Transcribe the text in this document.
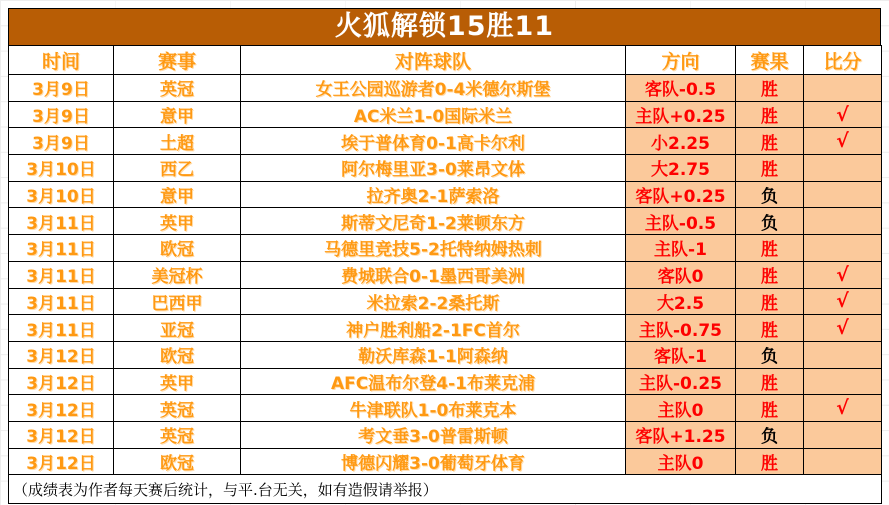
火狐解锁15胜11
时间	赛事	对阵球队	方向	赛果	比分
3月9日	英冠	女王公园巡游者0-4米德尔斯堡	客队-0.5	胜	
3月9日	意甲	AC米兰1-0国际米兰	主队+0.25	胜	√
3月9日	土超	埃于普体育0-1高卡尔利	小2.25	胜	√
3月10日	西乙	阿尔梅里亚3-0莱昂文体	大2.75	胜	
3月10日	意甲	拉齐奥2-1萨索洛	客队+0.25	负	
3月11日	英甲	斯蒂文尼奇1-2莱顿东方	主队-0.5	负	
3月11日	欧冠	马德里竞技5-2托特纳姆热刺	主队-1	胜	
3月11日	美冠杯	费城联合0-1墨西哥美洲	客队0	胜	√
3月11日	巴西甲	米拉索2-2桑托斯	大2.5	胜	√
3月11日	亚冠	神户胜利船2-1FC首尔	主队-0.75	胜	√
3月12日	欧冠	勒沃库森1-1阿森纳	客队-1	负	
3月12日	英甲	AFC温布尔登4-1布莱克浦	主队-0.25	胜	
3月12日	英冠	牛津联队1-0布莱克本	主队0	胜	√
3月12日	英冠	考文垂3-0普雷斯顿	客队+1.25	负	
3月12日	欧冠	博德闪耀3-0葡萄牙体育	主队0	胜	
（成绩表为作者每天赛后统计，与平.台无关，如有造假请举报）					
